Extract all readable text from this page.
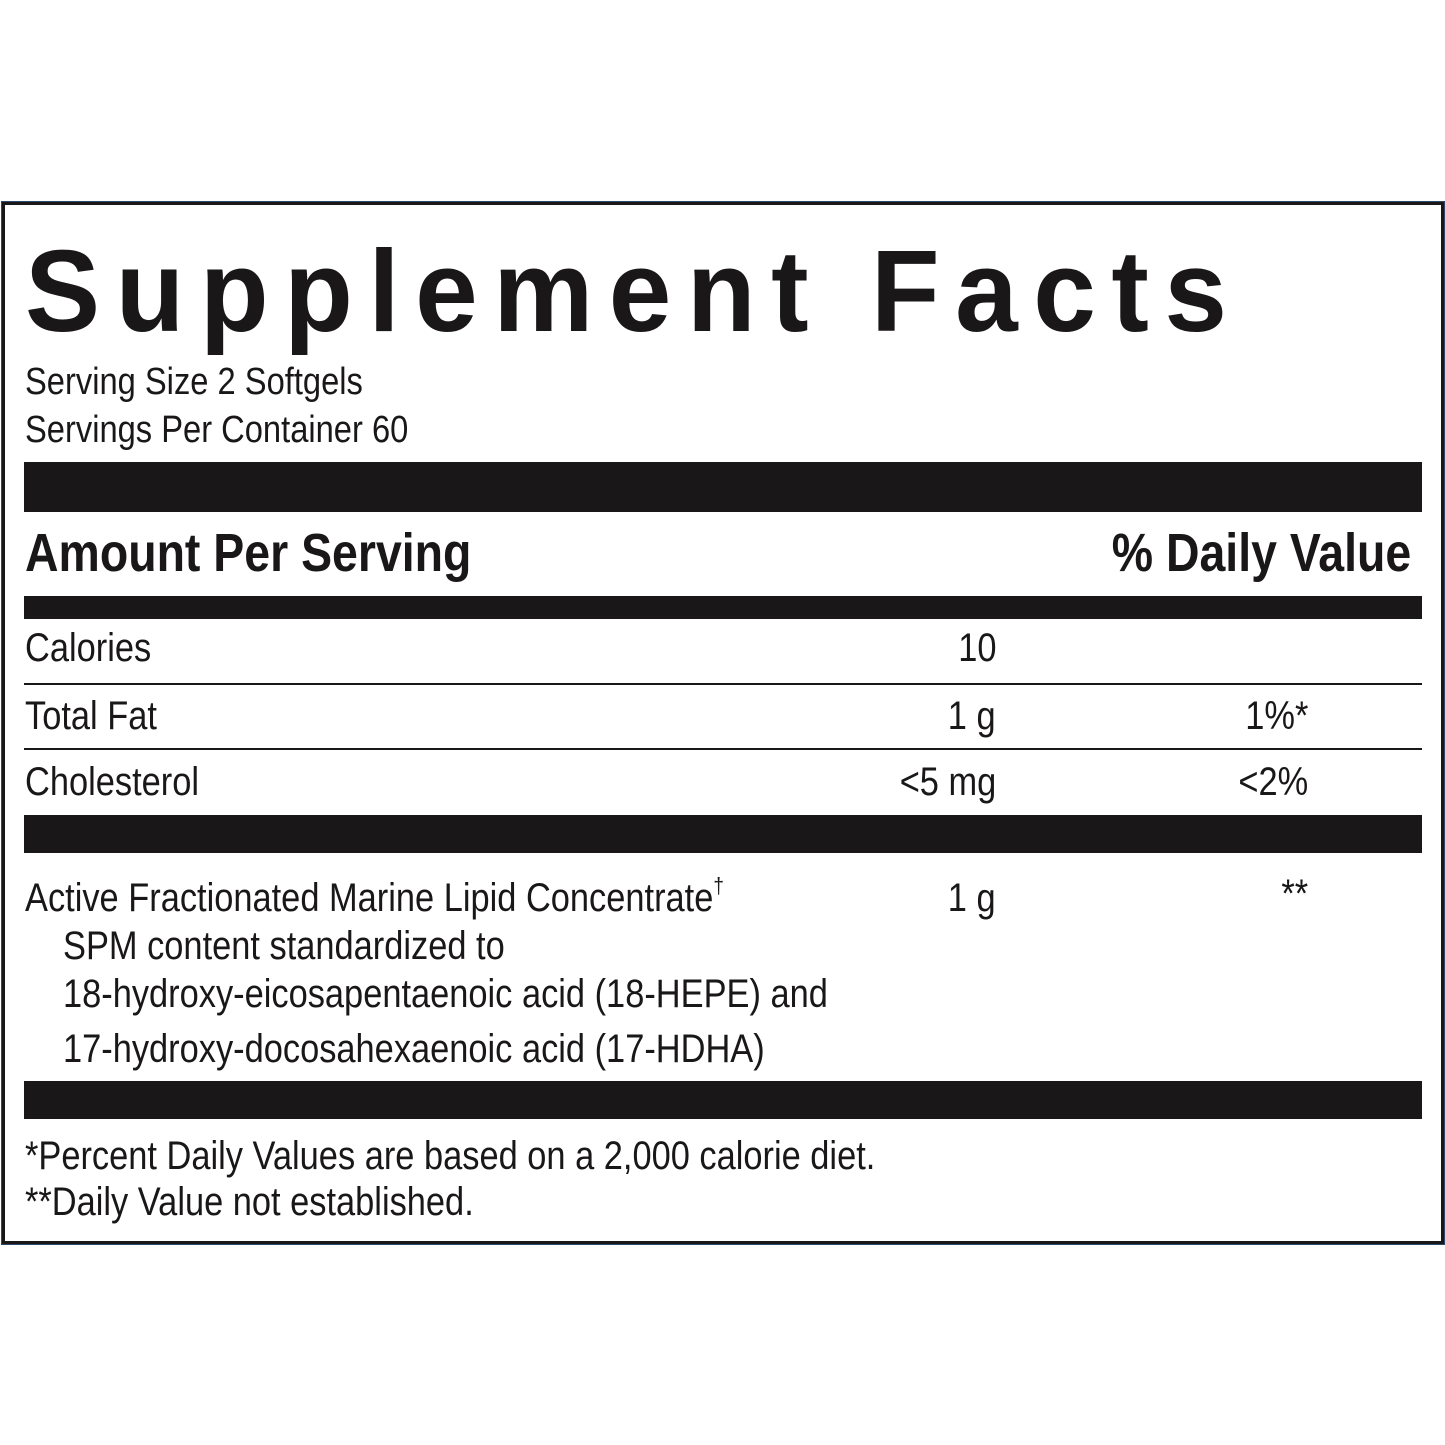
Supplement Facts
Serving Size 2 Softgels
Servings Per Container 60
Amount Per Serving	% Daily Value
Calories	10
Total Fat	1 g	1%*
Cholesterol	<5 mg	<2%
Active Fractionated Marine Lipid Concentrate†	1 g	**
SPM content standardized to
18-hydroxy-eicosapentaenoic acid (18-HEPE) and
17-hydroxy-docosahexaenoic acid (17-HDHA)
*Percent Daily Values are based on a 2,000 calorie diet.
**Daily Value not established.
